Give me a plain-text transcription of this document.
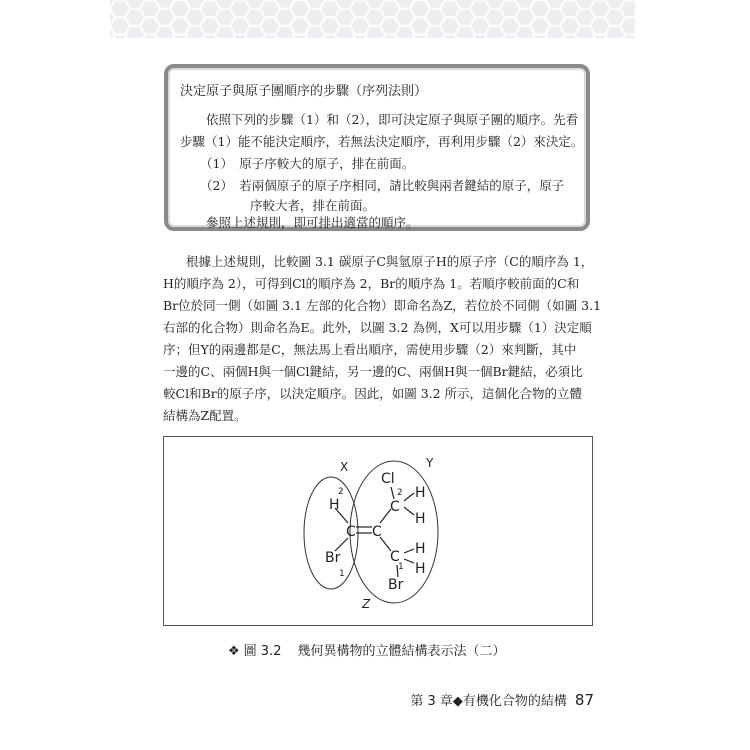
決定原子與原子團順序的步驟（序列法則）
依照下列的步驟（1）和（2），即可決定原子與原子團的順序。先看
步驟（1）能不能決定順序，若無法決定順序，再利用步驟（2）來決定。
（1）　原子序較大的原子，排在前面。
（2）　若兩個原子的原子序相同，請比較與兩者鍵結的原子，原子
序較大者，排在前面。
參照上述規則，即可排出適當的順序。
根據上述規則，比較圖 3.1 碳原子C與氫原子H的原子序（C的順序為 1，
H的順序為 2），可得到Cl的順序為 2，Br的順序為 1。若順序較前面的C和
Br位於同一側（如圖 3.1 左部的化合物）即命名為Z，若位於不同側（如圖 3.1
右部的化合物）則命名為E。此外，以圖 3.2 為例，X可以用步驟（1）決定順
序；但Y的兩邊都是C，無法馬上看出順序，需使用步驟（2）來判斷，其中
一邊的C、兩個H與一個Cl鍵結，另一邊的C、兩個H與一個Br鍵結，必須比
較Cl和Br的原子序，以決定順序。因此，如圖 3.2 所示，這個化合物的立體
結構為Z配置。
X	Y
Z
2
H
C
Br
1
C
Cl
2
C
H
H
C H
1 H
Br
❖ 圖 3.2 幾何異構物的立體結構表示法（二）
第 3 章◆有機化合物的結構 87
